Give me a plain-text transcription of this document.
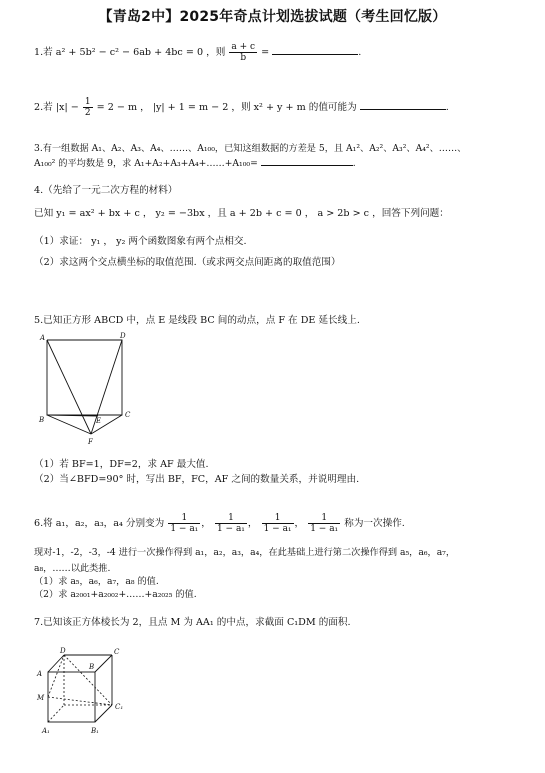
【青岛2中】2025年奇点计划选拔试题（考生回忆版）
1.若 a² + 5b² − c² − 6ab + 4bc = 0 ，则 $\frac{a + c}{b}$ =	.
2.若 $|x| - \frac{1}{2} = 2 - m$ ， |y| + 1 = m − 2 ，则 x² + y + m 的值可能为	.
3.有一组数据 A₁、A₂、A₃、A₄、……、A₁₀₀，已知这组数据的方差是 5，且 A₁²、A₂²、A₃²、A₄²、……、
A₁₀₀² 的平均数是 9，求 A₁+A₂+A₃+A₄+……+A₁₀₀=	.
4.（先给了一元二次方程的材料）
已知 y₁ = ax² + bx + c ， y₂ = −3bx ，且 a + 2b + c = 0 ， a > 2b > c ，回答下列问题：
（1）求证： y₁ ， y₂ 两个函数图象有两个点相交.
（2）求这两个交点横坐标的取值范围.（或求两交点间距离的取值范围）
5.已知正方形 ABCD 中，点 E 是线段 BC 间的动点，点 F 在 DE 延长线上.
A	D
B	E
C
F
（1）若 BF=1，DF=2，求 AF 最大值.
（2）当∠BFD=90° 时，写出 BF，FC，AF 之间的数量关系，并说明理由.
6.将 a₁，a₂，a₃，a₄ 分别变为 $\frac{1}{\text{1 − a₁}}$ ， $\frac{1}{\text{1 − a₁}}$ ， $\frac{1}{\text{1 − a₁}}$ ， $\frac{1}{\text{1 − a₁}}$ 称为一次操作.
现对-1，-2，-3，-4 进行一次操作得到 a₁，a₂，a₃，a₄，在此基础上进行第二次操作得到 a₅，a₆，a₇，
a₈，……以此类推.
（1）求 a₅，a₆，a₇，a₈ 的值.
（2）求 a₂₀₀₁+a₂₀₀₂+……+a₂₀₂₅ 的值.
7.已知该正方体棱长为 2，且点 M 为 AA₁ 的中点，求截面 C₁DM 的面积.
D	C
A
B
M
C₁
A₁	B₁
